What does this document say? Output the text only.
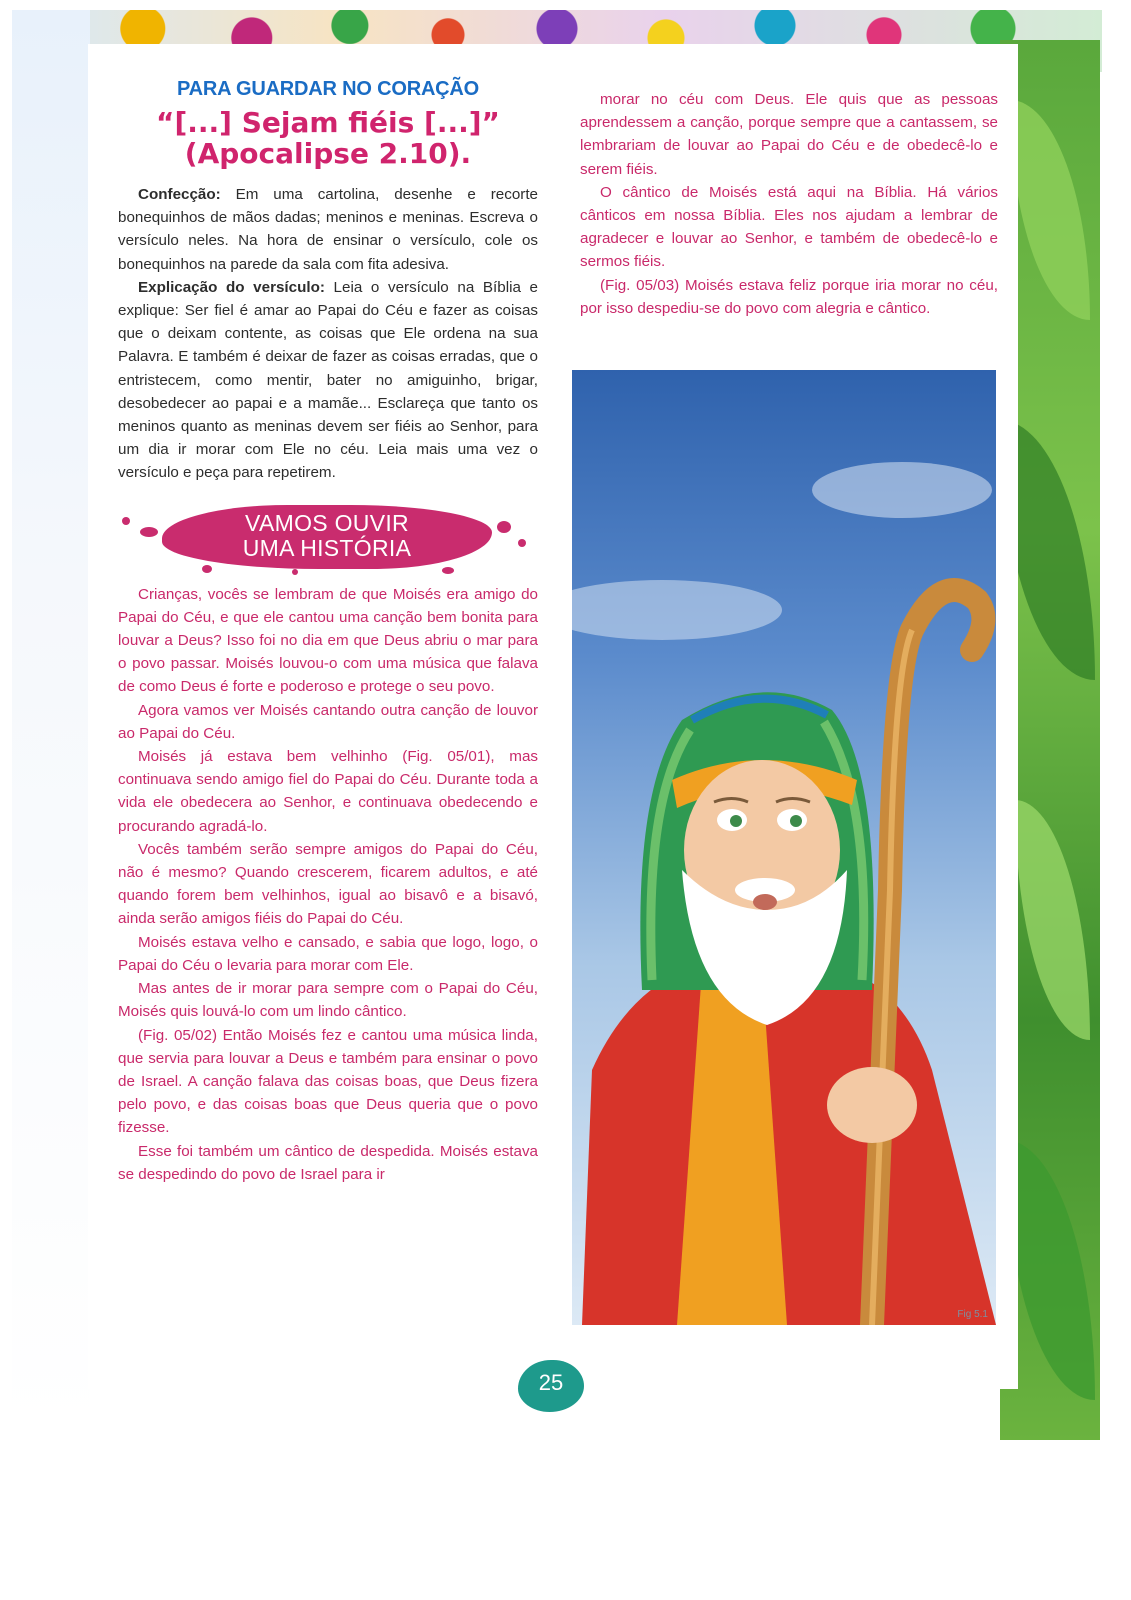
PARA GUARDAR NO CORAÇÃO
“[...] Sejam fiéis [...]”
(Apocalipse 2.10).

Confecção: Em uma cartolina, desenhe e recorte bonequinhos de mãos dadas; meninos e meninas. Escreva o versículo neles. Na hora de ensinar o versículo, cole os bonequinhos na parede da sala com fita adesiva.

Explicação do versículo: Leia o versículo na Bíblia e explique: Ser fiel é amar ao Papai do Céu e fazer as coisas que o deixam contente, as coisas que Ele ordena na sua Palavra. E também é deixar de fazer as coisas erradas, que o entristecem, como mentir, bater no amiguinho, brigar, desobedecer ao papai e a mamãe... Esclareça que tanto os meninos quanto as meninas devem ser fiéis ao Senhor, para um dia ir morar com Ele no céu. Leia mais uma vez o versículo e peça para repetirem.

VAMOS OUVIR
UMA HISTÓRIA

Crianças, vocês se lembram de que Moisés era amigo do Papai do Céu, e que ele cantou uma canção bem bonita para louvar a Deus? Isso foi no dia em que Deus abriu o mar para o povo passar. Moisés louvou-o com uma música que falava de como Deus é forte e poderoso e protege o seu povo.

Agora vamos ver Moisés cantando outra canção de louvor ao Papai do Céu.

Moisés já estava bem velhinho (Fig. 05/01), mas continuava sendo amigo fiel do Papai do Céu. Durante toda a vida ele obedecera ao Senhor, e continuava obedecendo e procurando agradá-lo.

Vocês também serão sempre amigos do Papai do Céu, não é mesmo? Quando crescerem, ficarem adultos, e até quando forem bem velhinhos, igual ao bisavô e a bisavó, ainda serão amigos fiéis do Papai do Céu.

Moisés estava velho e cansado, e sabia que logo, logo, o Papai do Céu o levaria para morar com Ele.

Mas antes de ir morar para sempre com o Papai do Céu, Moisés quis louvá-lo com um lindo cântico.

(Fig. 05/02) Então Moisés fez e cantou uma música linda, que servia para louvar a Deus e também para ensinar o povo de Israel. A canção falava das coisas boas, que Deus fizera pelo povo, e das coisas boas que Deus queria que o povo fizesse.

Esse foi também um cântico de despedida. Moisés estava se despedindo do povo de Israel para ir

morar no céu com Deus. Ele quis que as pessoas aprendessem a canção, porque sempre que a cantassem, se lembrariam de louvar ao Papai do Céu e de obedecê-lo e serem fiéis.

O cântico de Moisés está aqui na Bíblia. Há vários cânticos em nossa Bíblia. Eles nos ajudam a lembrar de agradecer e louvar ao Senhor, e também de obedecê-lo e sermos fiéis.

(Fig. 05/03) Moisés estava feliz porque iria morar no céu, por isso despediu-se do povo com alegria e cântico.

Fig 5.1
25
